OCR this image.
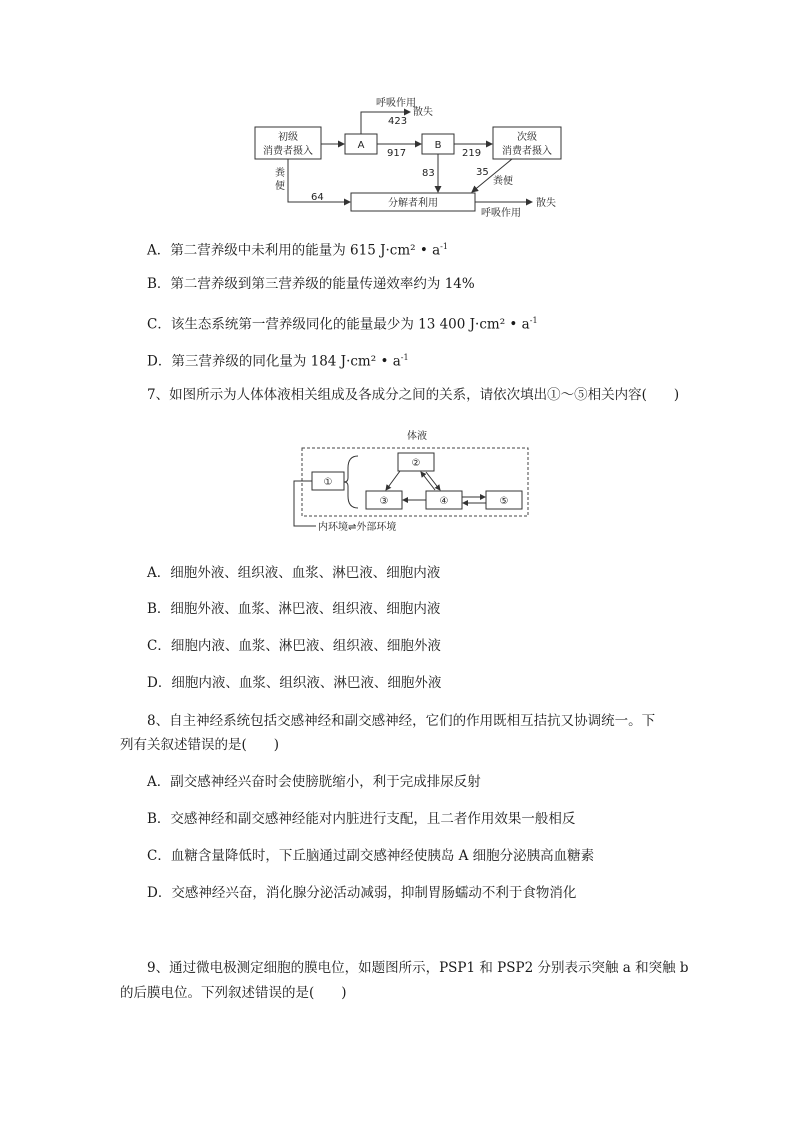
初级
消费者摄入
A	B
次级
消费者摄入
分解者利用
呼吸作用
散失
423
917	219
83	35
粪便
粪
便
64
呼吸作用
散失
A．第二营养级中未利用的能量为 615 J·cm² • $a^{-1}$
B．第二营养级到第三营养级的能量传递效率约为 14%
C．该生态系统第一营养级同化的能量最少为 13 400 J·cm² • $a^{-1}$
D．第三营养级的同化量为 184 J·cm² • $a^{-1}$
7、如图所示为人体体液相关组成及各成分之间的关系，请依次填出①～⑤相关内容(　　)
体液
①
②
③	④	⑤
内环境⇌外部环境
A．细胞外液、组织液、血浆、淋巴液、细胞内液
B．细胞外液、血浆、淋巴液、组织液、细胞内液
C．细胞内液、血浆、淋巴液、组织液、细胞外液
D．细胞内液、血浆、组织液、淋巴液、细胞外液
8、自主神经系统包括交感神经和副交感神经，它们的作用既相互拮抗又协调统一。下
列有关叙述错误的是(　　)
A．副交感神经兴奋时会使膀胱缩小，利于完成排尿反射
B．交感神经和副交感神经能对内脏进行支配，且二者作用效果一般相反
C．血糖含量降低时，下丘脑通过副交感神经使胰岛 A 细胞分泌胰高血糖素
D．交感神经兴奋，消化腺分泌活动减弱，抑制胃肠蠕动不利于食物消化
9、通过微电极测定细胞的膜电位，如题图所示，PSP1 和 PSP2 分别表示突触 a 和突触 b
的后膜电位。下列叙述错误的是(　　)
